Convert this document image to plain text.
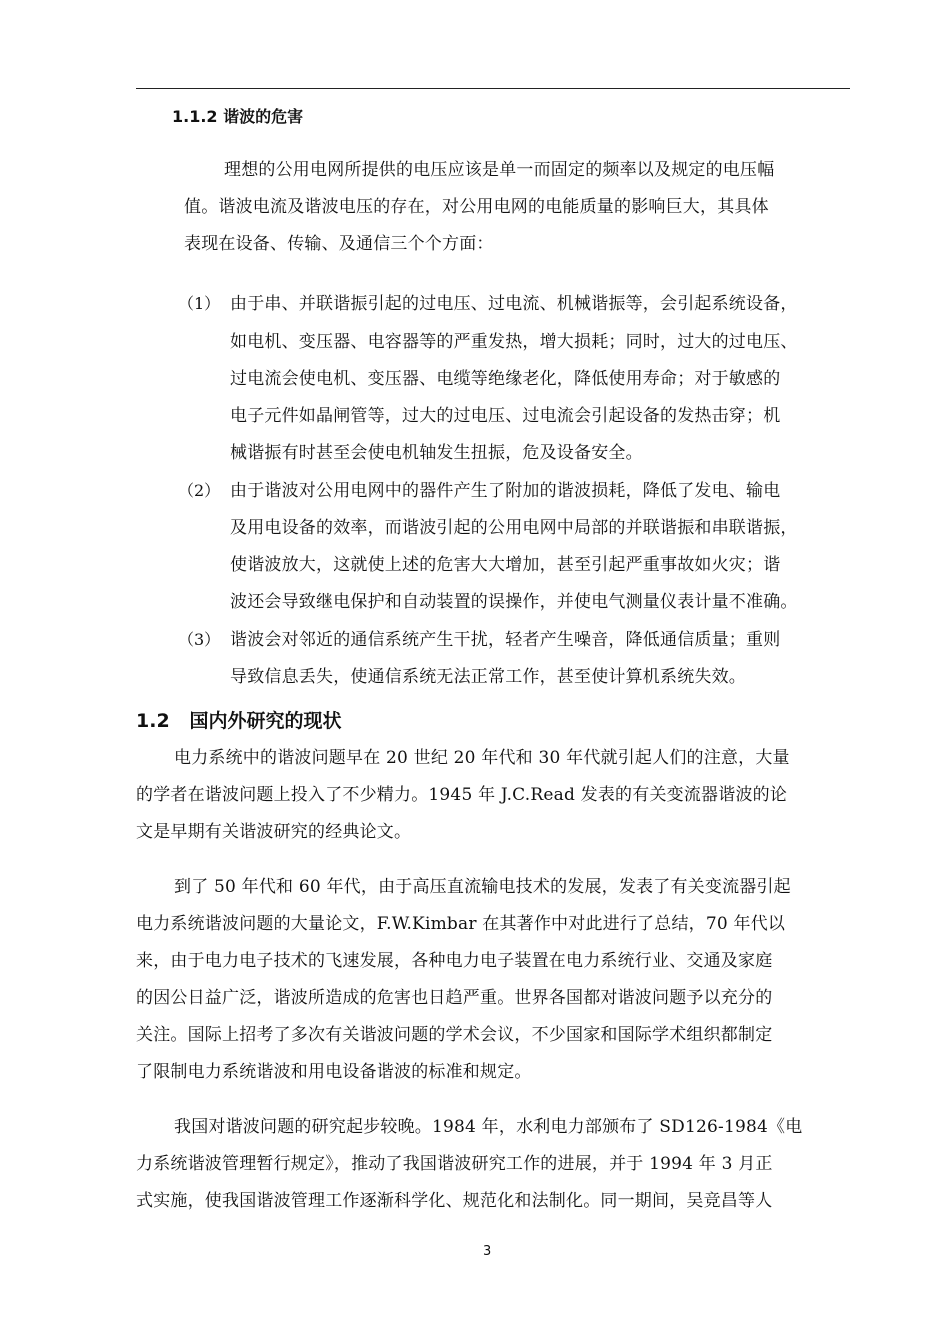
1.1.2 谐波的危害
理想的公用电网所提供的电压应该是单一而固定的频率以及规定的电压幅
值。谐波电流及谐波电压的存在，对公用电网的电能质量的影响巨大，其具体
表现在设备、传输、及通信三个个方面：
（1） 由于串、并联谐振引起的过电压、过电流、机械谐振等，会引起系统设备，
如电机、变压器、电容器等的严重发热，增大损耗；同时，过大的过电压、
过电流会使电机、变压器、电缆等绝缘老化，降低使用寿命；对于敏感的
电子元件如晶闸管等，过大的过电压、过电流会引起设备的发热击穿；机
械谐振有时甚至会使电机轴发生扭振，危及设备安全。
（2） 由于谐波对公用电网中的器件产生了附加的谐波损耗，降低了发电、输电
及用电设备的效率，而谐波引起的公用电网中局部的并联谐振和串联谐振，
使谐波放大，这就使上述的危害大大增加，甚至引起严重事故如火灾；谐
波还会导致继电保护和自动装置的误操作，并使电气测量仪表计量不准确。
（3） 谐波会对邻近的通信系统产生干扰，轻者产生噪音，降低通信质量；重则
导致信息丢失，使通信系统无法正常工作，甚至使计算机系统失效。
1.2   国内外研究的现状
电力系统中的谐波问题早在 20 世纪 20 年代和 30 年代就引起人们的注意，大量
的学者在谐波问题上投入了不少精力。1945 年 J.C.Read 发表的有关变流器谐波的论
文是早期有关谐波研究的经典论文。
到了 50 年代和 60 年代，由于高压直流输电技术的发展，发表了有关变流器引起
电力系统谐波问题的大量论文，F.W.Kimbar 在其著作中对此进行了总结，70 年代以
来，由于电力电子技术的飞速发展，各种电力电子装置在电力系统行业、交通及家庭
的因公日益广泛，谐波所造成的危害也日趋严重。世界各国都对谐波问题予以充分的
关注。国际上招考了多次有关谐波问题的学术会议，不少国家和国际学术组织都制定
了限制电力系统谐波和用电设备谐波的标准和规定。
我国对谐波问题的研究起步较晚。1984 年，水利电力部颁布了 SD126-1984《电
力系统谐波管理暂行规定》，推动了我国谐波研究工作的进展，并于 1994 年 3 月正
式实施，使我国谐波管理工作逐渐科学化、规范化和法制化。同一期间，吴竞昌等人
3
